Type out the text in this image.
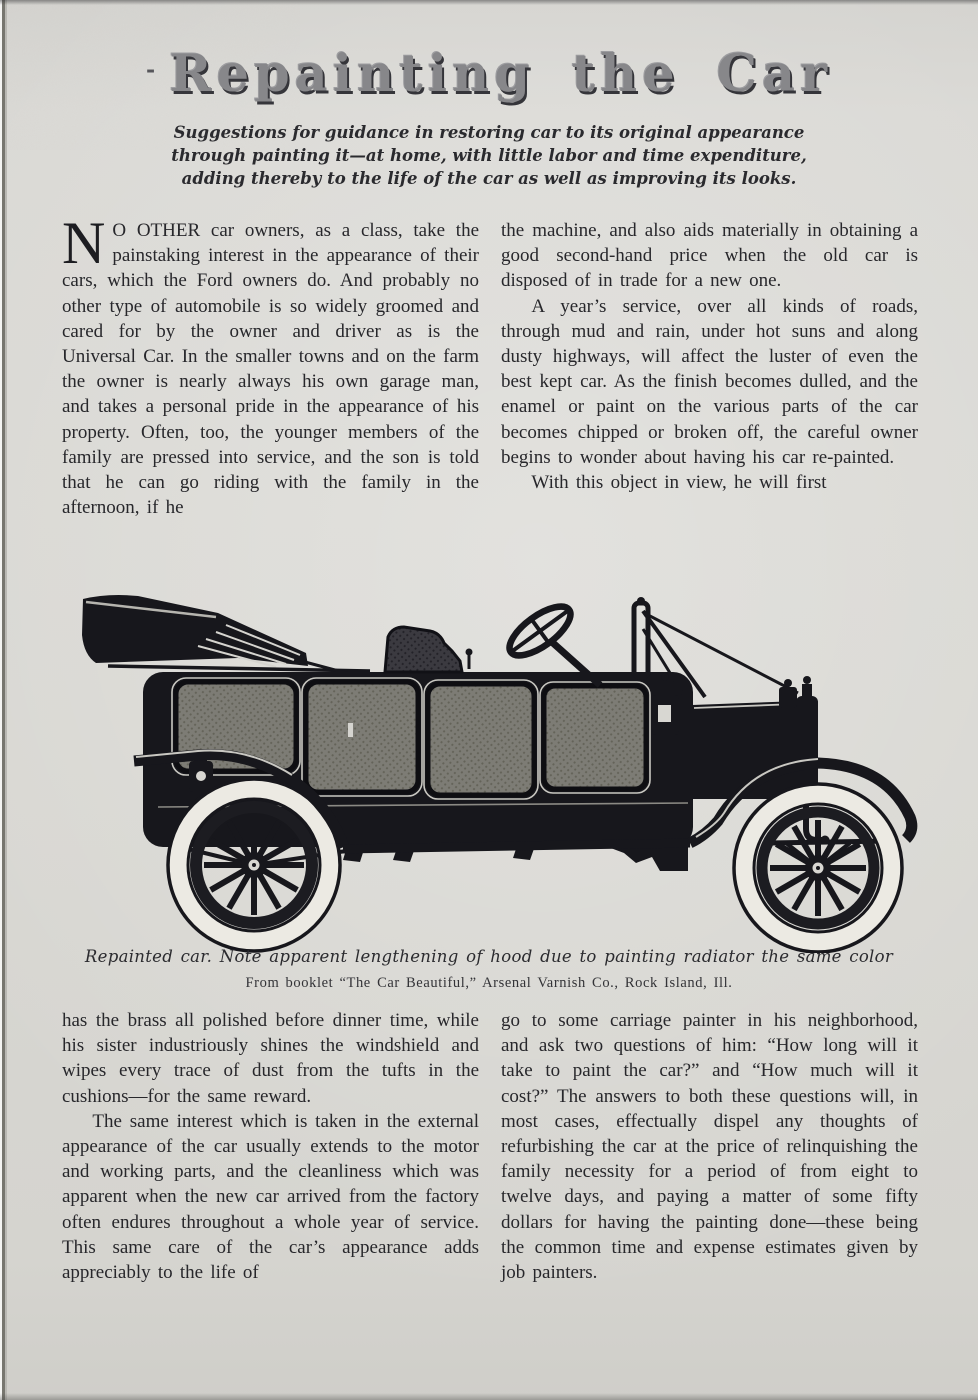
- Repainting the Car
Suggestions for guidance in restoring car to its original appearance
through painting it—at home, with little labor and time expenditure,
adding thereby to the life of the car as well as improving its looks.

N O OTHER car owners, as a class, take the painstaking interest in the appearance of their cars, which the Ford owners do. And probably no other type of automobile is so widely groomed and cared for by the owner and driver as is the Universal Car. In the smaller towns and on the farm the owner is nearly always his own garage man, and takes a personal pride in the appearance of his property. Often, too, the younger members of the family are pressed into service, and the son is told that he can go riding with the family in the afternoon, if he

the machine, and also aids materially in obtaining a good second-hand price when the old car is disposed of in trade for a new one.

A year’s service, over all kinds of roads, through mud and rain, under hot suns and along dusty highways, will affect the luster of even the best kept car. As the finish becomes dulled, and the enamel or paint on the various parts of the car becomes chipped or broken off, the careful owner begins to wonder about having his car re-painted.

With this object in view, he will first

Repainted car. Note apparent lengthening of hood due to painting radiator the same color
From booklet “The Car Beautiful,” Arsenal Varnish Co., Rock Island, Ill.

has the brass all polished before dinner time, while his sister industriously shines the windshield and wipes every trace of dust from the tufts in the cushions—for the same reward.

The same interest which is taken in the external appearance of the car usually extends to the motor and working parts, and the cleanliness which was apparent when the new car arrived from the factory often endures throughout a whole year of service. This same care of the car’s appearance adds appreciably to the life of

go to some carriage painter in his neighborhood, and ask two questions of him: “How long will it take to paint the car?” and “How much will it cost?” The answers to both these questions will, in most cases, effectually dispel any thoughts of refurbishing the car at the price of relinquishing the family necessity for a period of from eight to twelve days, and paying a matter of some fifty dollars for having the painting done—these being the common time and expense estimates given by job painters.
